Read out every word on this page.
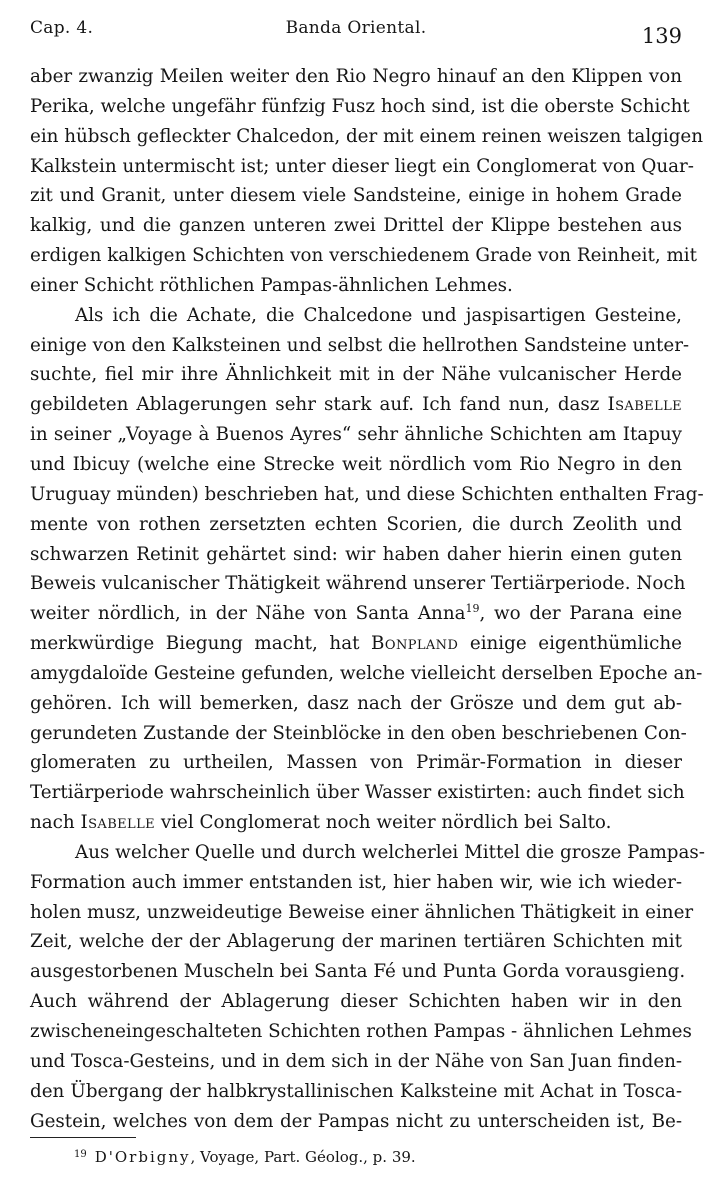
Cap. 4.	Banda Oriental.	139
aber zwanzig Meilen weiter den Rio Negro hinauf an den Klippen von
Perika, welche ungefähr fünfzig Fusz hoch sind, ist die oberste Schicht
ein hübsch gefleckter Chalcedon, der mit einem reinen weiszen talgigen
Kalkstein untermischt ist; unter dieser liegt ein Conglomerat von Quar-
zit und Granit, unter diesem viele Sandsteine, einige in hohem Grade
kalkig, und die ganzen unteren zwei Drittel der Klippe bestehen aus
erdigen kalkigen Schichten von verschiedenem Grade von Reinheit, mit
einer Schicht röthlichen Pampas-ähnlichen Lehmes.
Als ich die Achate, die Chalcedone und jaspisartigen Gesteine,
einige von den Kalksteinen und selbst die hellrothen Sandsteine unter-
suchte, fiel mir ihre Ähnlichkeit mit in der Nähe vulcanischer Herde
gebildeten Ablagerungen sehr stark auf. Ich fand nun, dasz Isabelle
in seiner „Voyage à Buenos Ayres“ sehr ähnliche Schichten am Itapuy
und Ibicuy (welche eine Strecke weit nördlich vom Rio Negro in den
Uruguay münden) beschrieben hat, und diese Schichten enthalten Frag-
mente von rothen zersetzten echten Scorien, die durch Zeolith und
schwarzen Retinit gehärtet sind: wir haben daher hierin einen guten
Beweis vulcanischer Thätigkeit während unserer Tertiärperiode. Noch
weiter nördlich, in der Nähe von Santa Anna$^{19}$, wo der Parana eine
merkwürdige Biegung macht, hat Bonpland einige eigenthümliche
amygdaloïde Gesteine gefunden, welche vielleicht derselben Epoche an-
gehören. Ich will bemerken, dasz nach der Grösze und dem gut ab-
gerundeten Zustande der Steinblöcke in den oben beschriebenen Con-
glomeraten zu urtheilen, Massen von Primär-Formation in dieser
Tertiärperiode wahrscheinlich über Wasser existirten: auch findet sich
nach Isabelle viel Conglomerat noch weiter nördlich bei Salto.
Aus welcher Quelle und durch welcherlei Mittel die grosze Pampas-
Formation auch immer entstanden ist, hier haben wir, wie ich wieder-
holen musz, unzweideutige Beweise einer ähnlichen Thätigkeit in einer
Zeit, welche der der Ablagerung der marinen tertiären Schichten mit
ausgestorbenen Muscheln bei Santa Fé und Punta Gorda vorausgieng.
Auch während der Ablagerung dieser Schichten haben wir in den
zwischeneingeschalteten Schichten rothen Pampas - ähnlichen Lehmes
und Tosca-Gesteins, und in dem sich in der Nähe von San Juan finden-
den Übergang der halbkrystallinischen Kalksteine mit Achat in Tosca-
Gestein, welches von dem der Pampas nicht zu unterscheiden ist, Be-
$^{19}$ D'Orbigny, Voyage, Part. Géolog., p. 39.
